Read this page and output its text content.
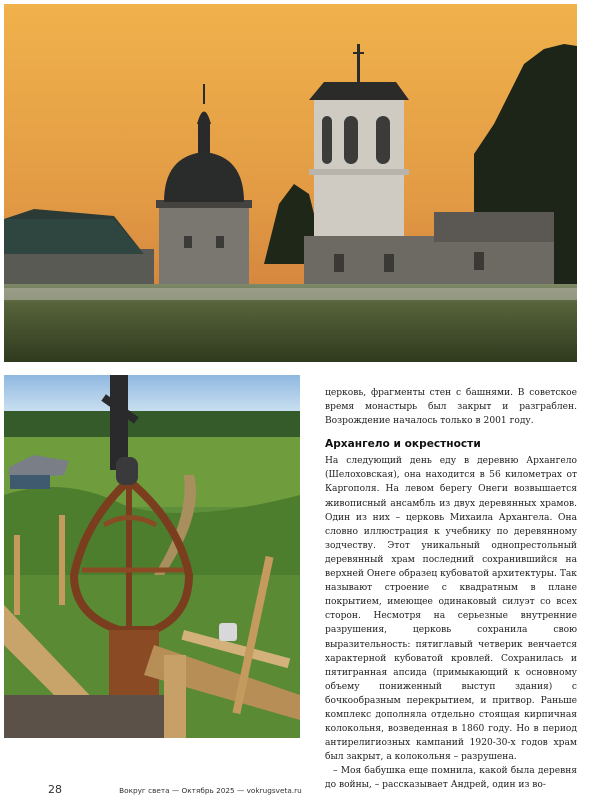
церковь, фрагменты стен с башнями. В советское время монастырь был закрыт и разграблен. Возрождение началось только в 2001 году.

Архангело и окрестности

На следующий день еду в деревню Архангело (Шелоховская), она находится в 56 километрах от Каргополя. На левом берегу Онеги возвышается живописный ансамбль из двух деревянных храмов. Один из них – церковь Михаила Архангела. Она словно иллюстрация к учебнику по деревянному зодчеству. Этот уникальный однопрестольный деревянный храм последний сохранившийся на верхней Онеге образец кубоватой архитектуры. Так называют строение с квадратным в плане покрытием, имеющее одинаковый силуэт со всех сторон. Несмотря на серьезные внутренние разрушения, церковь сохранила свою выразительность: пятиглавый четверик венчается характерной кубоватой кровлей. Сохранилась и пятигранная апсида (примыкающий к основному объему пониженный выступ здания) с бочкообразным перекрытием, и притвор. Раньше комплекс дополняла отдельно стоящая кирпичная колокольня, возведенная в 1860 году. Но в период антирелигиозных кампаний 1920-30-х годов храм был закрыт, а колокольня – разрушена.

– Моя бабушка еще помнила, какой была деревня до войны, – рассказывает Андрей, один из во-

28	Вокруг света — Октябрь 2025 — vokrugsveta.ru
